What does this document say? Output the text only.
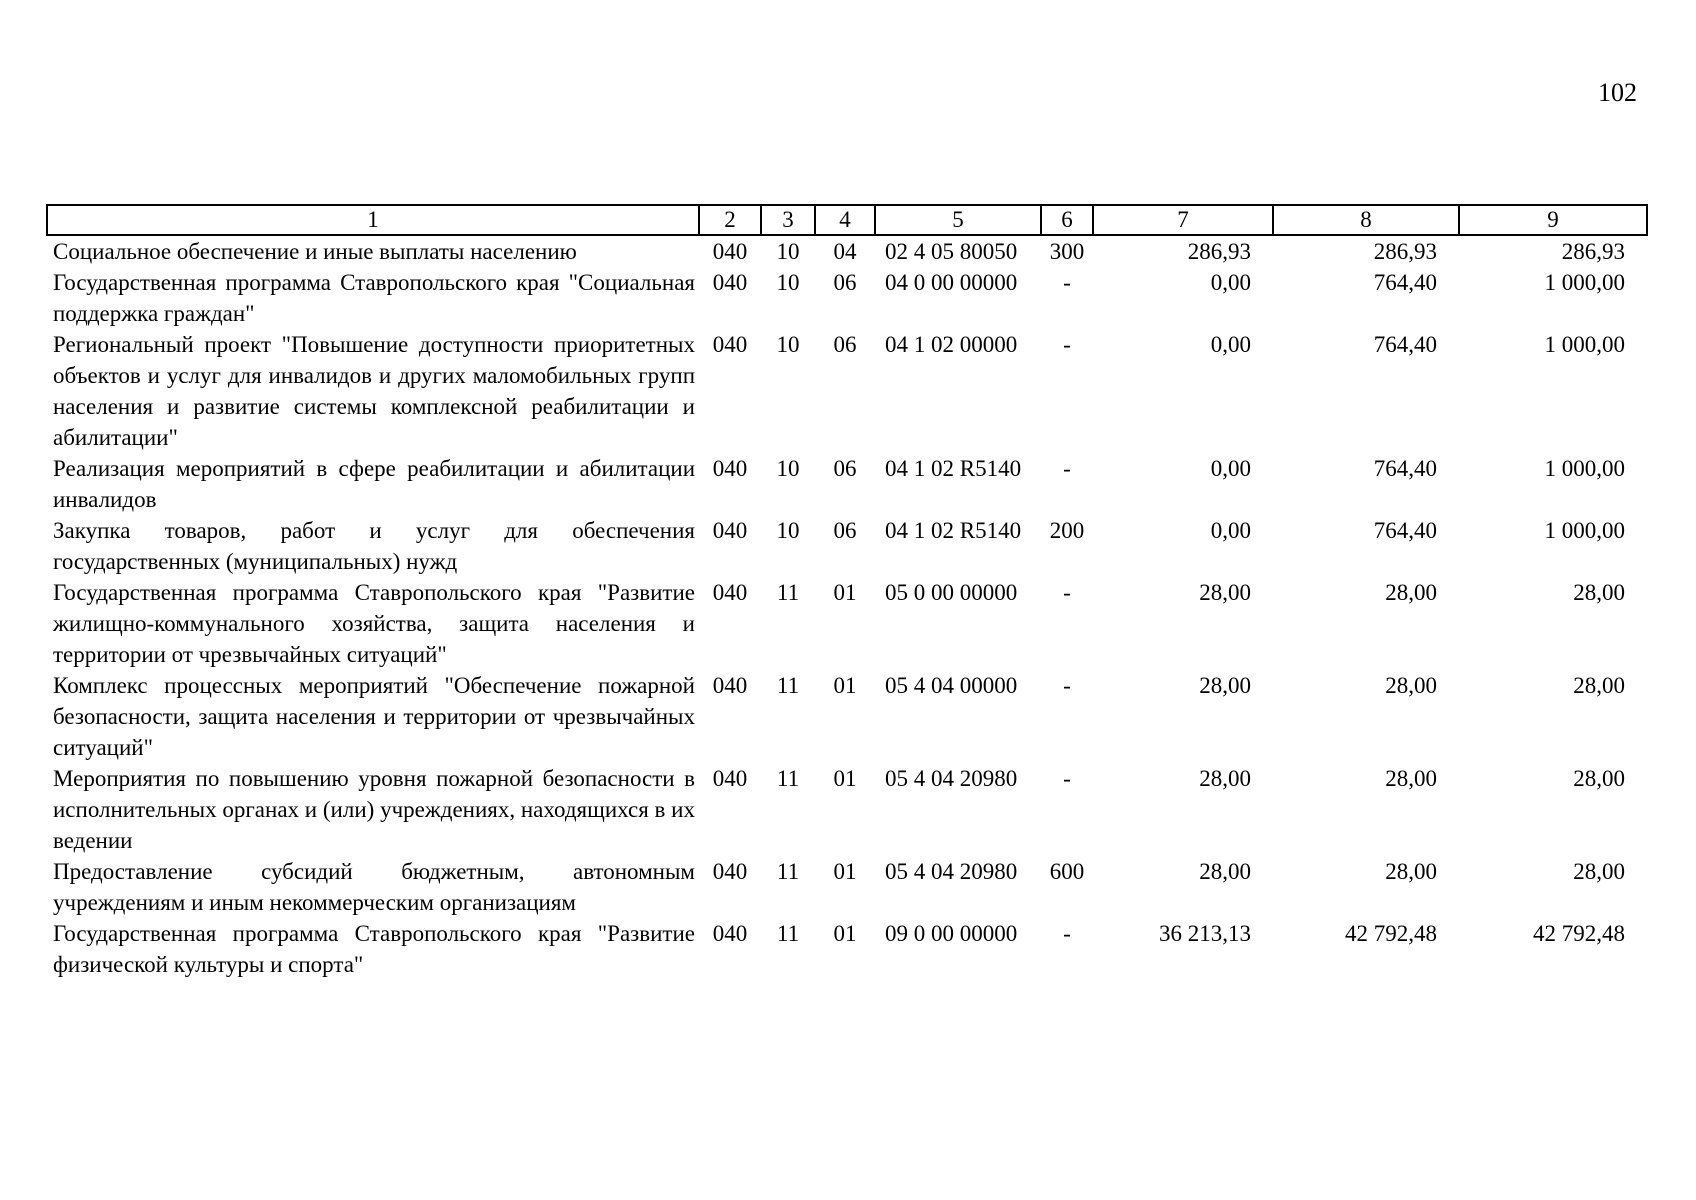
102
1	2	3	4	5	6	7	8	9
Социальное обеспечение и иные выплаты населению	040	10	04	02 4 05 80050	300	286,93	286,93	286,93
Государственная программа Ставропольского края "Социальная поддержка граждан"	040	10	06	04 0 00 00000	-	0,00	764,40	1 000,00
Региональный проект "Повышение доступности приоритетных объектов и услуг для инвалидов и других маломобильных групп населения и развитие системы комплексной реабилитации и абилитации"	040	10	06	04 1 02 00000	-	0,00	764,40	1 000,00
Реализация мероприятий в сфере реабилитации и абилитации инвалидов	040	10	06	04 1 02 R5140	-	0,00	764,40	1 000,00
Закупка товаров, работ и услуг для обеспечения государственных (муниципальных) нужд	040	10	06	04 1 02 R5140	200	0,00	764,40	1 000,00
Государственная программа Ставропольского края "Развитие жилищно-коммунального хозяйства, защита населения и территории от чрезвычайных ситуаций"	040	11	01	05 0 00 00000	-	28,00	28,00	28,00
Комплекс процессных мероприятий "Обеспечение пожарной безопасности, защита населения и территории от чрезвычайных ситуаций"	040	11	01	05 4 04 00000	-	28,00	28,00	28,00
Мероприятия по повышению уровня пожарной безопасности в исполнительных органах и (или) учреждениях, находящихся в их ведении	040	11	01	05 4 04 20980	-	28,00	28,00	28,00
Предоставление субсидий бюджетным, автономным учреждениям и иным некоммерческим организациям	040	11	01	05 4 04 20980	600	28,00	28,00	28,00
Государственная программа Ставропольского края "Развитие физической культуры и спорта"	040	11	01	09 0 00 00000	-	36 213,13	42 792,48	42 792,48
